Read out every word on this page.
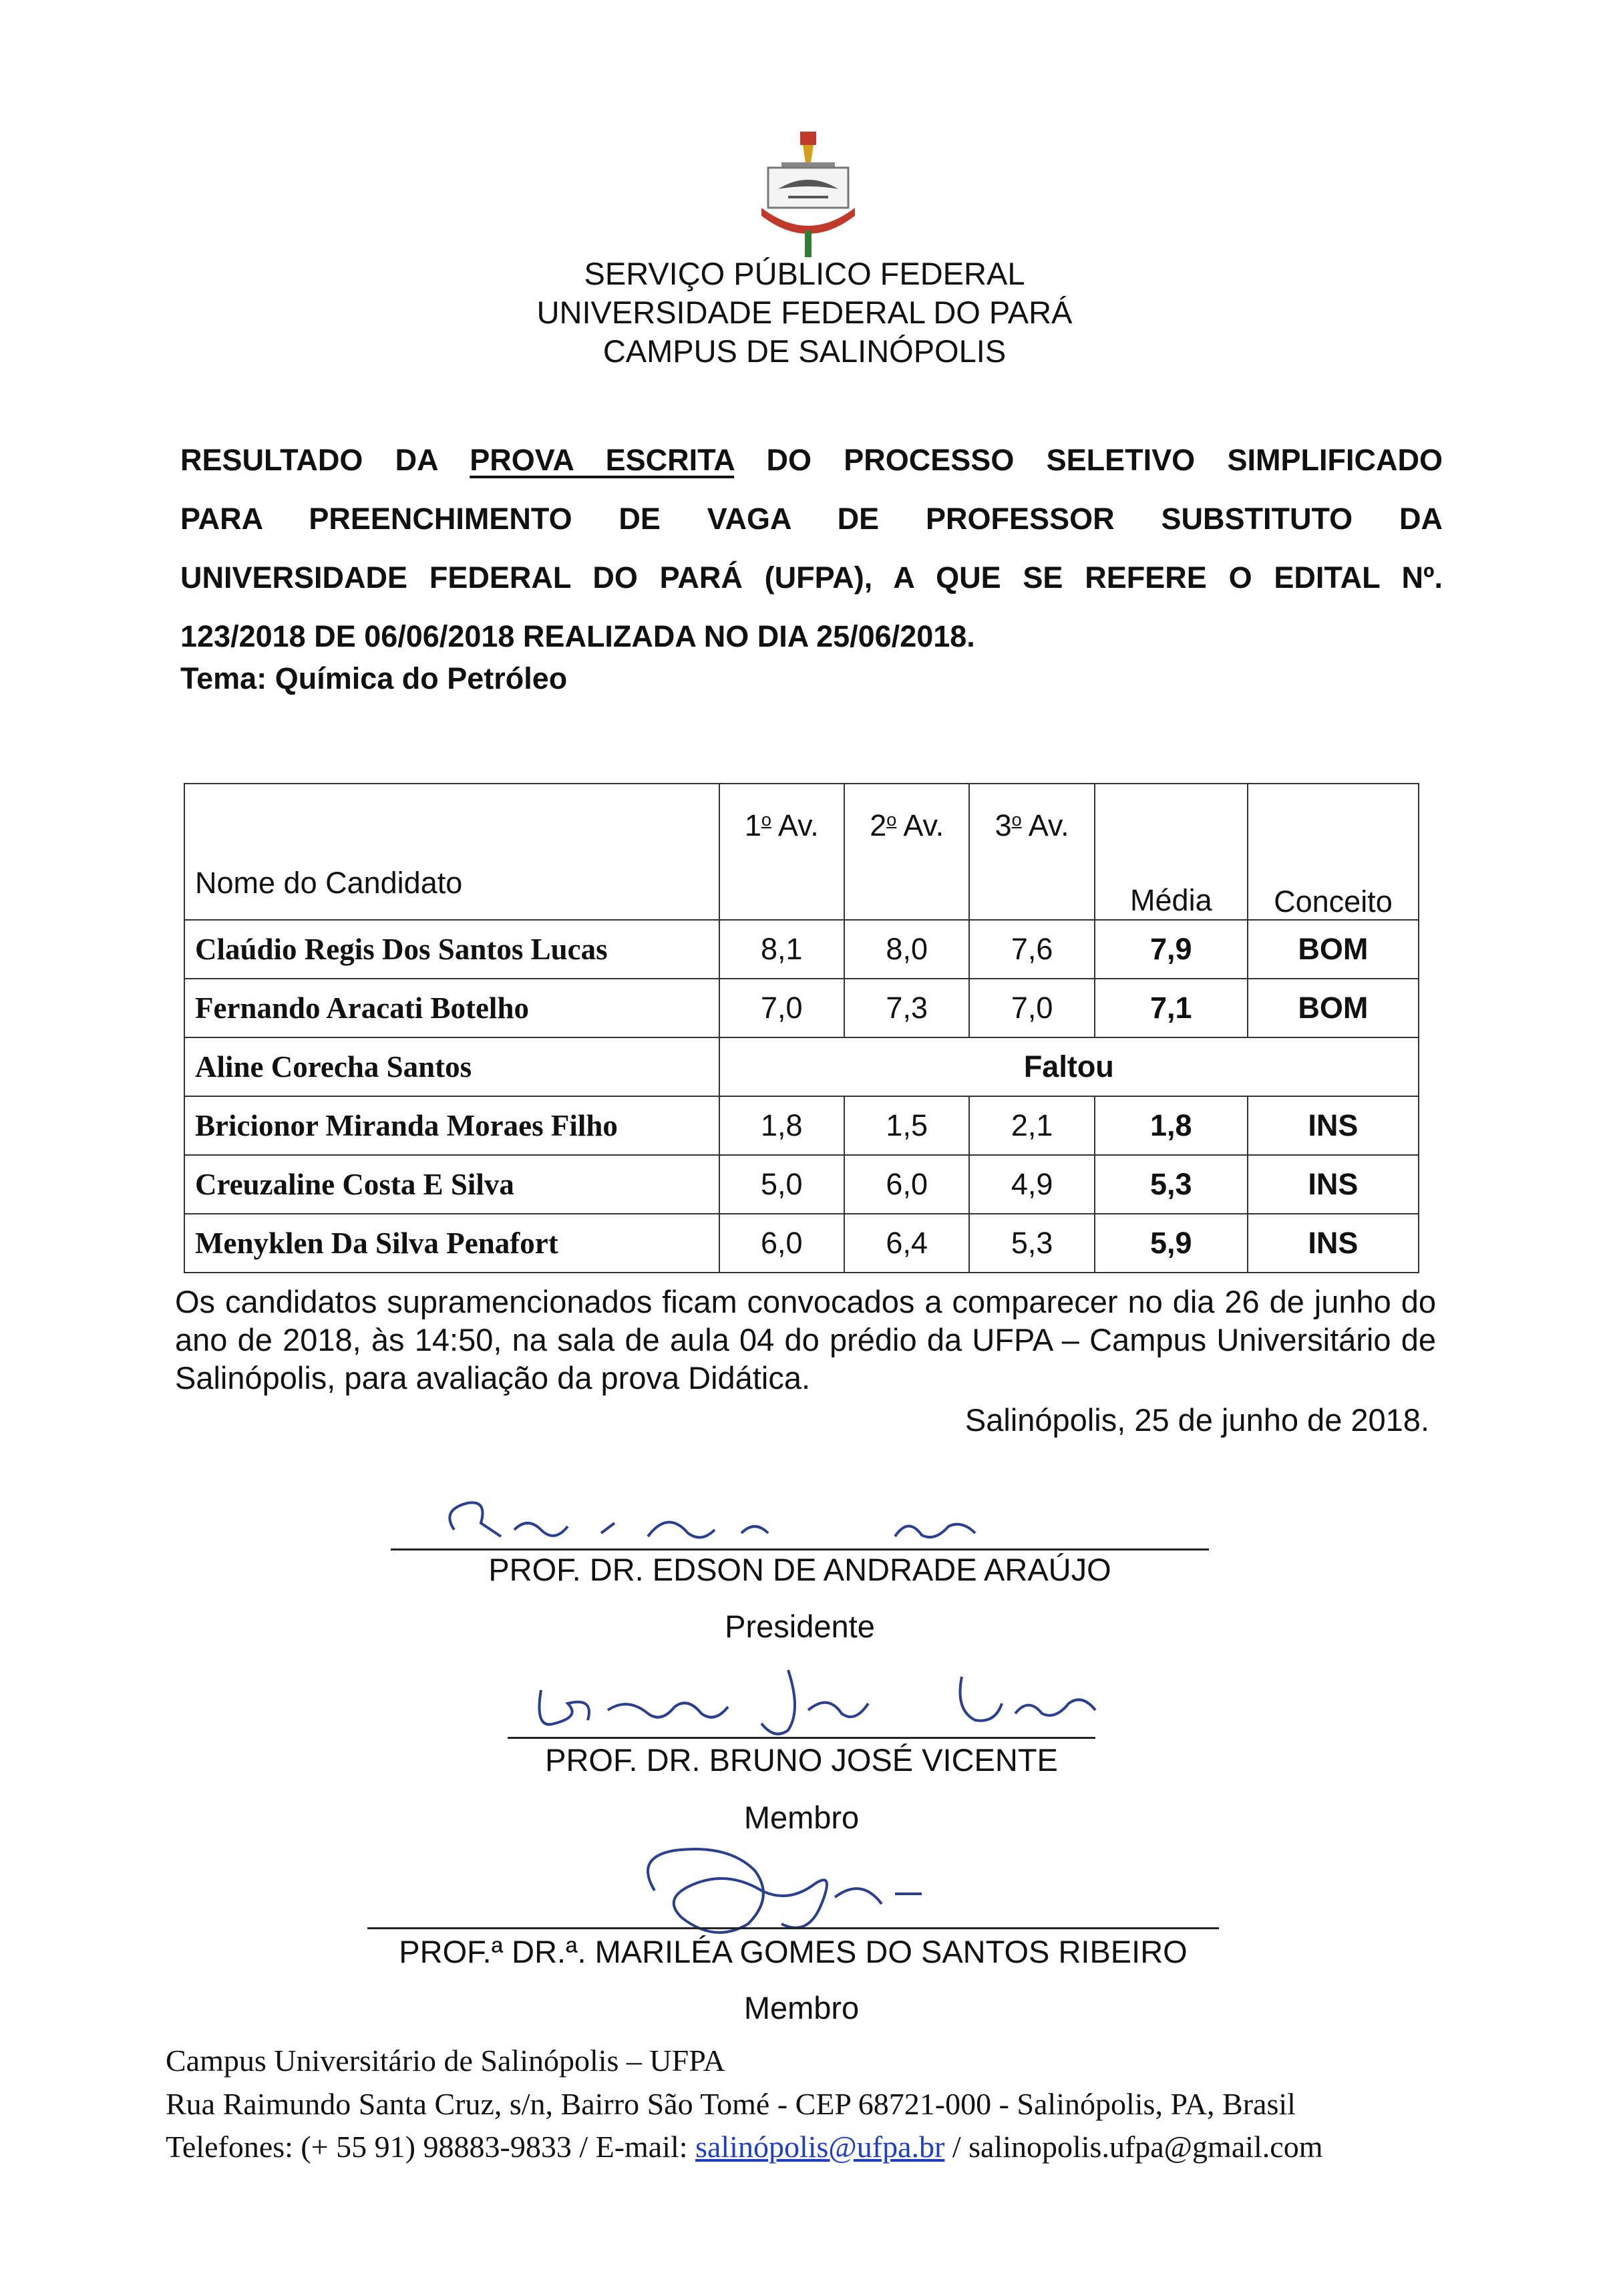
SERVIÇO PÚBLICO FEDERAL
UNIVERSIDADE FEDERAL DO PARÁ
CAMPUS DE SALINÓPOLIS
RESULTADO DA PROVA ESCRITA DO PROCESSO SELETIVO SIMPLIFICADO
PARA PREENCHIMENTO DE VAGA DE PROFESSOR SUBSTITUTO DA
UNIVERSIDADE FEDERAL DO PARÁ (UFPA), A QUE SE REFERE O EDITAL Nº.
123/2018 DE 06/06/2018 REALIZADA NO DIA 25/06/2018.
Tema: Química do Petróleo
Nome do Candidato	1$^o$ Av.	2$^o$ Av.	3$^o$ Av.	Média	Conceito

Claúdio Regis Dos Santos Lucas	8,1	8,0	7,6	7,9	BOM
Fernando Aracati Botelho	7,0	7,3	7,0	7,1	BOM
Aline Corecha Santos	Faltou				
Bricionor Miranda Moraes Filho	1,8	1,5	2,1	1,8	INS
Creuzaline Costa E Silva	5,0	6,0	4,9	5,3	INS
Menyklen Da Silva Penafort	6,0	6,4	5,3	5,9	INS
Os candidatos supramencionados ficam convocados a comparecer no dia 26 de junho do ano de 2018, às 14:50, na sala de aula 04 do prédio da UFPA – Campus Universitário de Salinópolis, para avaliação da prova Didática.
Salinópolis, 25 de junho de 2018.
PROF. DR. EDSON DE ANDRADE ARAÚJO
Presidente
PROF. DR. BRUNO JOSÉ VICENTE
Membro
PROF.ª DR.ª. MARILÉA GOMES DO SANTOS RIBEIRO
Membro
Campus Universitário de Salinópolis – UFPA
Rua Raimundo Santa Cruz, s/n, Bairro São Tomé - CEP 68721-000 - Salinópolis, PA, Brasil
Telefones: (+ 55 91) 98883-9833 / E-mail: salinópolis@ufpa.br / salinopolis.ufpa@gmail.com
